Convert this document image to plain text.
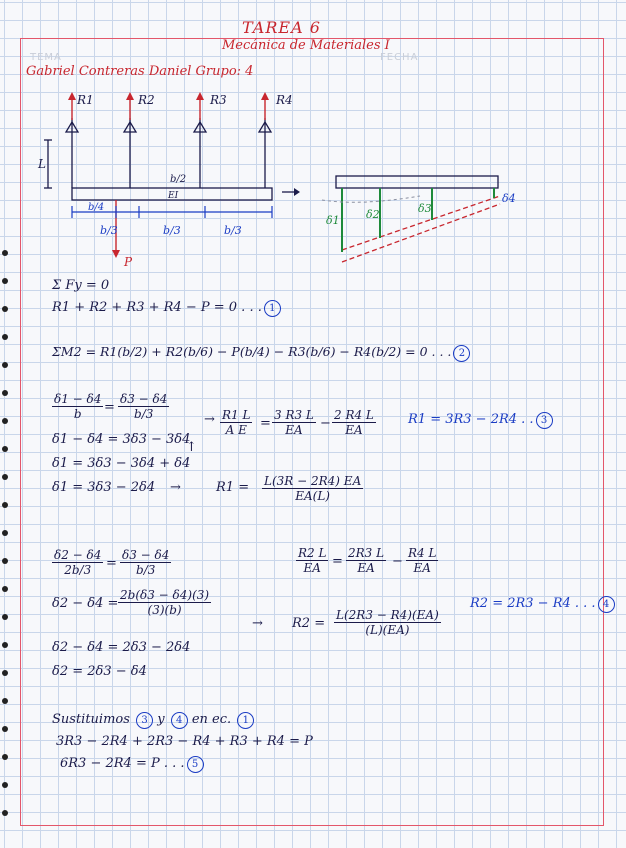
TEMA	FECHA
TAREA 6
Mecánica de Materiales I
Gabriel Contreras Daniel Grupo: 4
R1	R2	R3	R4
L
b/2
EI
b/4
b/3	b/3	b/3
P
δ1 δ2	δ3
δ4
Σ Fy = 0
R1 + R2 + R3 + R4 − P = 0 . . . 1
ΣM2 = R1(b/2) + R2(b/6) − P(b/4) − R3(b/6) − R4(b/2) = 0 . . . 2
$\frac{\delta 1 - \delta 4}{b} = \frac{\delta 3 - \delta 4}{b/3}$
δ1 − δ4 = 3δ3 − 3δ4
δ1 = 3δ3 − 3δ4 + δ4
δ1 = 3δ3 − 2δ4
→ $\frac{R1 L}{\text{A E}} = \frac{3 R3 L}{EA} - \frac{2 R4 L}{EA} R1 = 3R3 - 2R4$ . . 3
↑
→	$R1 = \frac{L(3R - 2R4) EA}{EA(L)}$
$\frac{\delta 2 - \delta 4}{2b/3} = \frac{\delta 3 - \delta 4}{b/3}$
$\delta 2 - \delta 4 = \frac{2b(\delta 3 - \delta 4)(3)}{(3)(b)}$
δ2 − δ4 = 2δ3 − 2δ4
δ2 = 2δ3 − δ4
$\frac{R2 L}{EA} = \frac{2R3 L}{EA} - \frac{R4 L}{EA}$
→ $R2 = \frac{L(2R3 - R4)(EA)}{(L)(EA)}$
R2 = 2R3 − R4 . . . 4
Sustituimos 3 y 4 en ec. 1
3R3 − 2R4 + 2R3 − R4 + R3 + R4 = P
6R3 − 2R4 = P . . . 5
